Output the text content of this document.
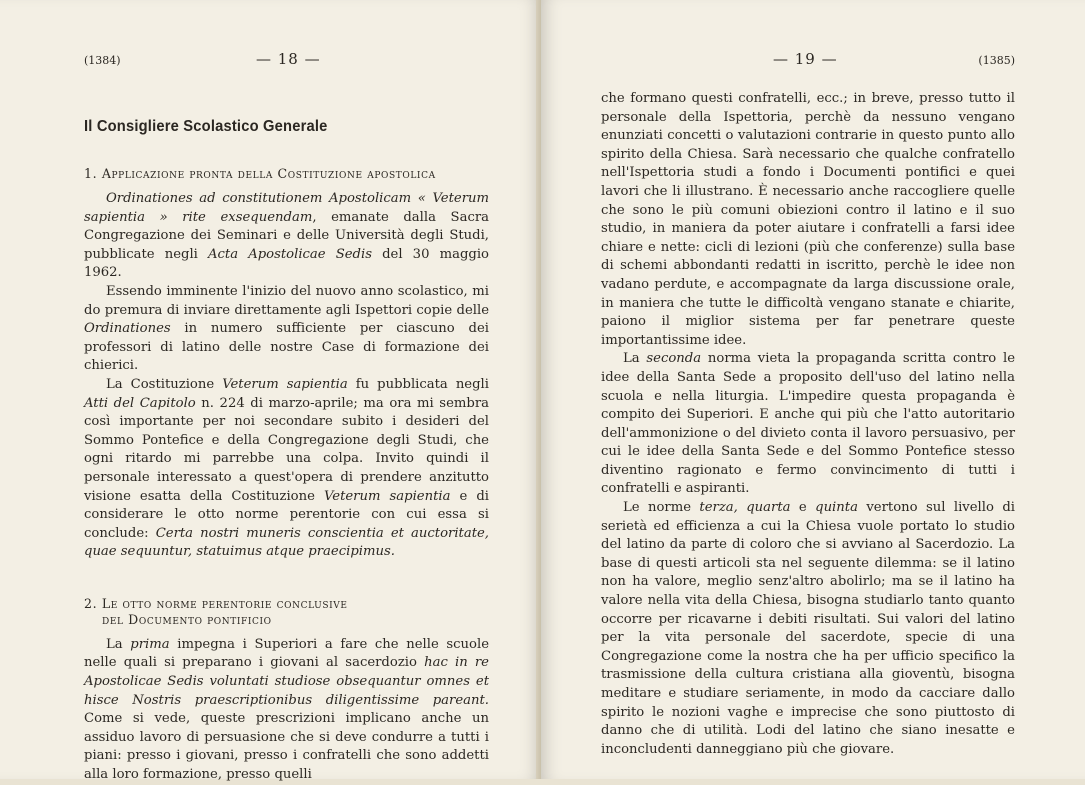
(1384)	— 18 —
Il Consigliere Scolastico Generale
1. Applicazione pronta della Costituzione apostolica

Ordinationes ad constitutionem Apostolicam « Veterum sapientia » rite exsequendam, emanate dalla Sacra Congregazione dei Seminari e delle Università degli Studi, pubblicate negli Acta Apostolicae Sedis del 30 maggio 1962.

Essendo imminente l'inizio del nuovo anno scolastico, mi do premura di inviare direttamente agli Ispettori copie delle Ordinationes in numero sufficiente per ciascuno dei professori di latino delle nostre Case di formazione dei chierici.

La Costituzione Veterum sapientia fu pubblicata negli Atti del Capitolo n. 224 di marzo-aprile; ma ora mi sembra così importante per noi secondare subito i desideri del Sommo Pontefice e della Congregazione degli Studi, che ogni ritardo mi parrebbe una colpa. Invito quindi il personale interessato a quest'opera di prendere anzitutto visione esatta della Costituzione Veterum sapientia e di considerare le otto norme perentorie con cui essa si conclude: Certa nostri muneris conscientia et auctoritate, quae sequuntur, statuimus atque praecipimus.

2. Le otto norme perentorie conclusive
del Documento pontificio

La prima impegna i Superiori a fare che nelle scuole nelle quali si preparano i giovani al sacerdozio hac in re Apostolicae Sedis voluntati studiose obsequantur omnes et hisce Nostris praescriptionibus diligentissime pareant. Come si vede, queste prescrizioni implicano anche un assiduo lavoro di persuasione che si deve condurre a tutti i piani: presso i giovani, presso i confratelli che sono addetti alla loro formazione, presso quelli

— 19 —	(1385)

che formano questi confratelli, ecc.; in breve, presso tutto il personale della Ispettoria, perchè da nessuno vengano enunziati concetti o valutazioni contrarie in questo punto allo spirito della Chiesa. Sarà necessario che qualche confratello nell'Ispettoria studi a fondo i Documenti pontifici e quei lavori che li illustrano. È necessario anche raccogliere quelle che sono le più comuni obiezioni contro il latino e il suo studio, in maniera da poter aiutare i confratelli a farsi idee chiare e nette: cicli di lezioni (più che conferenze) sulla base di schemi abbondanti redatti in iscritto, perchè le idee non vadano perdute, e accompagnate da larga discussione orale, in maniera che tutte le difficoltà vengano stanate e chiarite, paiono il miglior sistema per far penetrare queste importantissime idee.

La seconda norma vieta la propaganda scritta contro le idee della Santa Sede a proposito dell'uso del latino nella scuola e nella liturgia. L'impedire questa propaganda è compito dei Superiori. E anche qui più che l'atto autoritario dell'ammonizione o del divieto conta il lavoro persuasivo, per cui le idee della Santa Sede e del Sommo Pontefice stesso diventino ragionato e fermo convincimento di tutti i confratelli e aspiranti.

Le norme terza, quarta e quinta vertono sul livello di serietà ed efficienza a cui la Chiesa vuole portato lo studio del latino da parte di coloro che si avviano al Sacerdozio. La base di questi articoli sta nel seguente dilemma: se il latino non ha valore, meglio senz'altro abolirlo; ma se il latino ha valore nella vita della Chiesa, bisogna studiarlo tanto quanto occorre per ricavarne i debiti risultati. Sui valori del latino per la vita personale del sacerdote, specie di una Congregazione come la nostra che ha per ufficio specifico la trasmissione della cultura cristiana alla gioventù, bisogna meditare e studiare seriamente, in modo da cacciare dallo spirito le nozioni vaghe e imprecise che sono piuttosto di danno che di utilità. Lodi del latino che siano inesatte e inconcludenti danneggiano più che giovare.
